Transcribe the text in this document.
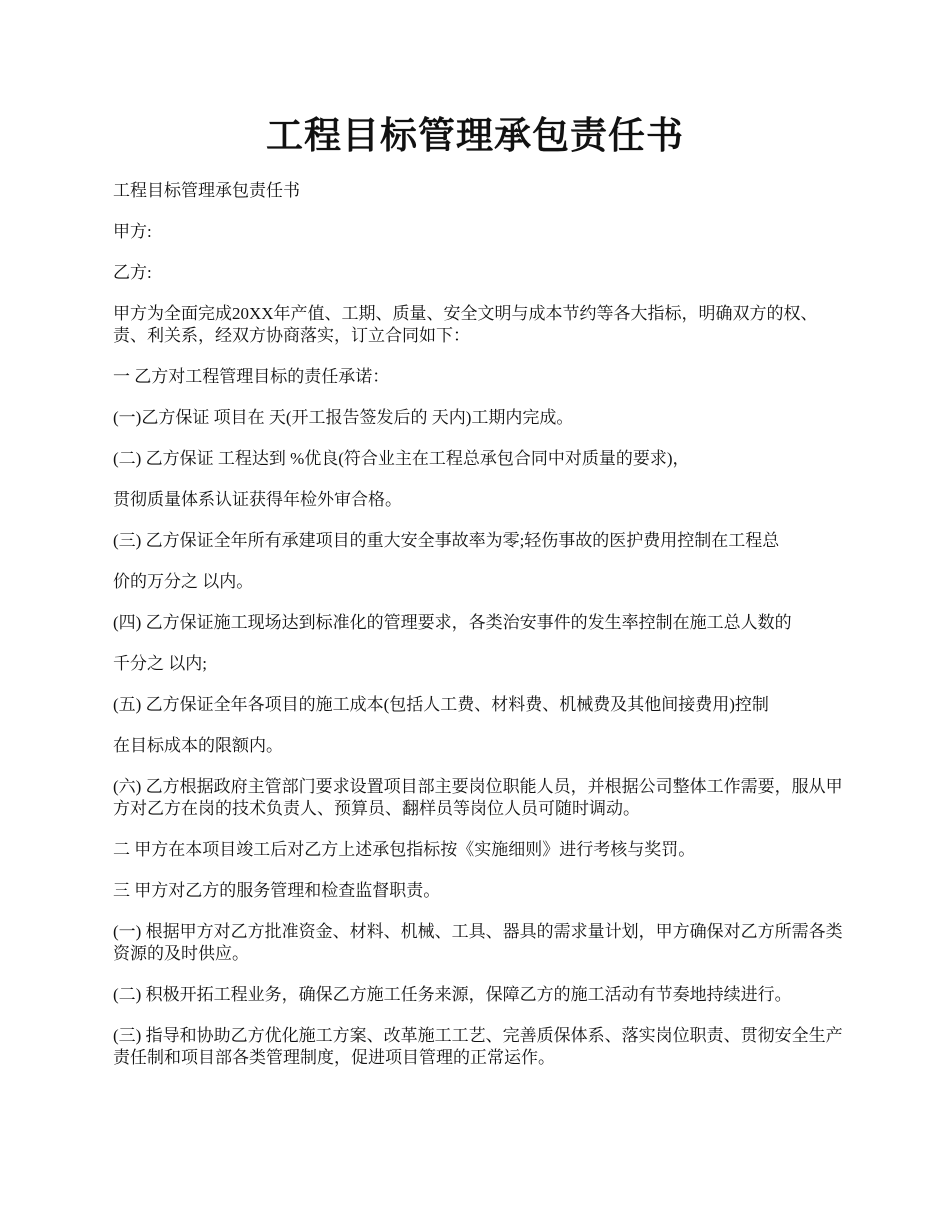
工程目标管理承包责任书

工程目标管理承包责任书

甲方:

乙方:

甲方为全面完成20XX年产值、工期、质量、安全文明与成本节约等各大指标，明确双方的权、责、利关系，经双方协商落实，订立合同如下：

一 乙方对工程管理目标的责任承诺：

(一)乙方保证 项目在 天(开工报告签发后的 天内)工期内完成。

(二) 乙方保证 工程达到 %优良(符合业主在工程总承包合同中对质量的要求)，

贯彻质量体系认证获得年检外审合格。

(三) 乙方保证全年所有承建项目的重大安全事故率为零;轻伤事故的医护费用控制在工程总

价的万分之 以内。

(四) 乙方保证施工现场达到标准化的管理要求，各类治安事件的发生率控制在施工总人数的

千分之 以内;

(五) 乙方保证全年各项目的施工成本(包括人工费、材料费、机械费及其他间接费用)控制

在目标成本的限额内。

(六) 乙方根据政府主管部门要求设置项目部主要岗位职能人员，并根据公司整体工作需要，服从甲方对乙方在岗的技术负责人、预算员、翻样员等岗位人员可随时调动。

二 甲方在本项目竣工后对乙方上述承包指标按《实施细则》进行考核与奖罚。

三 甲方对乙方的服务管理和检查监督职责。

(一) 根据甲方对乙方批准资金、材料、机械、工具、器具的需求量计划，甲方确保对乙方所需各类资源的及时供应。

(二) 积极开拓工程业务，确保乙方施工任务来源，保障乙方的施工活动有节奏地持续进行。

(三) 指导和协助乙方优化施工方案、改革施工工艺、完善质保体系、落实岗位职责、贯彻安全生产责任制和项目部各类管理制度，促进项目管理的正常运作。
